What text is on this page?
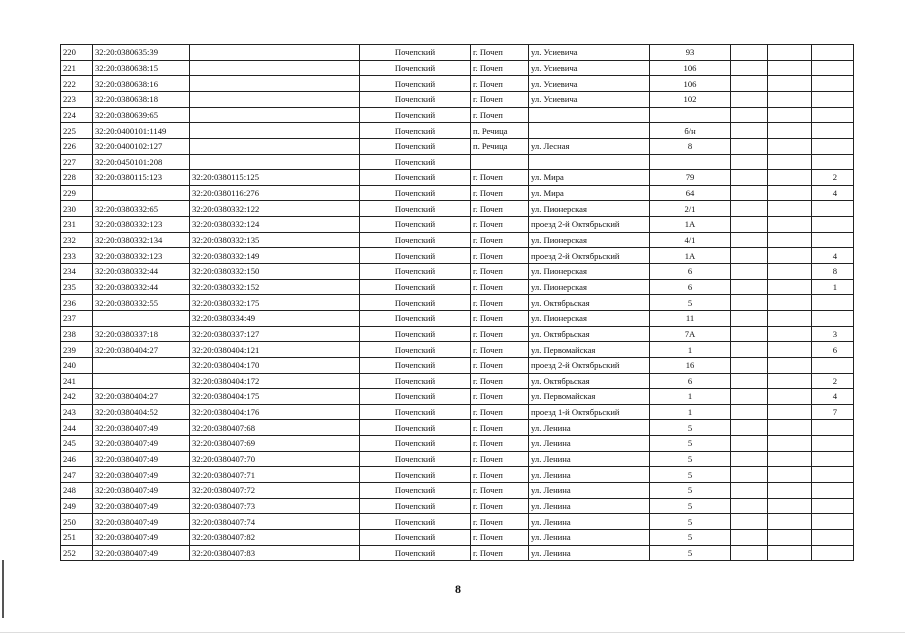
220	32:20:0380635:39		Почепский	г. Почеп	ул. Усиевича	93			
221	32:20:0380638:15		Почепский	г. Почеп	ул. Усиевича	106			
222	32:20:0380638:16		Почепский	г. Почеп	ул. Усиевича	106			
223	32:20:0380638:18		Почепский	г. Почеп	ул. Усиевича	102			
224	32:20:0380639:65		Почепский	г. Почеп					
225	32:20:0400101:1149		Почепский	п. Речица		б/н			
226	32:20:0400102:127		Почепский	п. Речица	ул. Лесная	8			
227	32:20:0450101:208		Почепский						
228	32:20:0380115:123	32:20:0380115:125	Почепский	г. Почеп	ул. Мира	79			2
229		32:20:0380116:276	Почепский	г. Почеп	ул. Мира	64			4
230	32:20:0380332:65	32:20:0380332:122	Почепский	г. Почеп	ул. Пионерская	2/1			
231	32:20:0380332:123	32:20:0380332:124	Почепский	г. Почеп	проезд 2-й Октябрьский	1А			
232	32:20:0380332:134	32:20:0380332:135	Почепский	г. Почеп	ул. Пионерская	4/1			
233	32:20:0380332:123	32:20:0380332:149	Почепский	г. Почеп	проезд 2-й Октябрьский	1А			4
234	32:20:0380332:44	32:20:0380332:150	Почепский	г. Почеп	ул. Пионерская	6			8
235	32:20:0380332:44	32:20:0380332:152	Почепский	г. Почеп	ул. Пионерская	6			1
236	32:20:0380332:55	32:20:0380332:175	Почепский	г. Почеп	ул. Октябрьская	5			
237		32:20:0380334:49	Почепский	г. Почеп	ул. Пионерская	11			
238	32:20:0380337:18	32:20:0380337:127	Почепский	г. Почеп	ул. Октябрьская	7А			3
239	32:20:0380404:27	32:20:0380404:121	Почепский	г. Почеп	ул. Первомайская	1			6
240		32:20:0380404:170	Почепский	г. Почеп	проезд 2-й Октябрьский	16			
241		32:20:0380404:172	Почепский	г. Почеп	ул. Октябрьская	6			2
242	32:20:0380404:27	32:20:0380404:175	Почепский	г. Почеп	ул. Первомайская	1			4
243	32:20:0380404:52	32:20:0380404:176	Почепский	г. Почеп	проезд 1-й Октябрьский	1			7
244	32:20:0380407:49	32:20:0380407:68	Почепский	г. Почеп	ул. Ленина	5			
245	32:20:0380407:49	32:20:0380407:69	Почепский	г. Почеп	ул. Ленина	5			
246	32:20:0380407:49	32:20:0380407:70	Почепский	г. Почеп	ул. Ленина	5			
247	32:20:0380407:49	32:20:0380407:71	Почепский	г. Почеп	ул. Ленина	5			
248	32:20:0380407:49	32:20:0380407:72	Почепский	г. Почеп	ул. Ленина	5			
249	32:20:0380407:49	32:20:0380407:73	Почепский	г. Почеп	ул. Ленина	5			
250	32:20:0380407:49	32:20:0380407:74	Почепский	г. Почеп	ул. Ленина	5			
251	32:20:0380407:49	32:20:0380407:82	Почепский	г. Почеп	ул. Ленина	5			
252	32:20:0380407:49	32:20:0380407:83	Почепский	г. Почеп	ул. Ленина	5			
8
